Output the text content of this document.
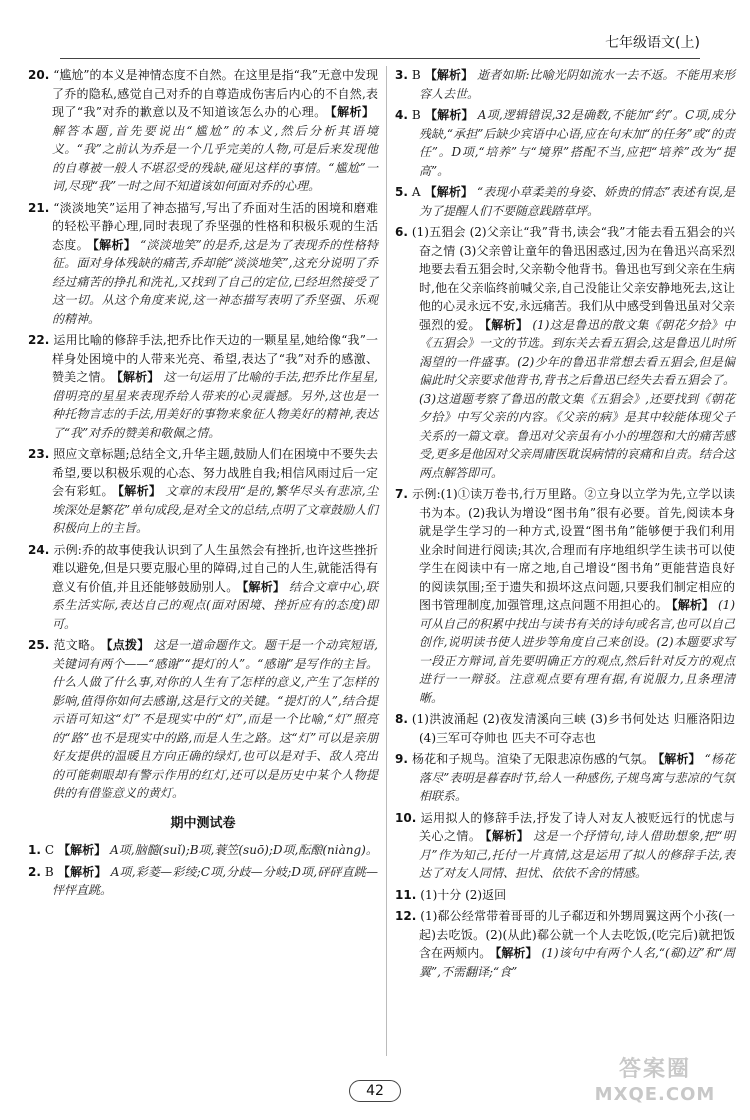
七年级语文(上)

20. “尴尬”的本义是神情态度不自然。在这里是指“我”无意中发现了乔的隐私,感觉自己对乔的自尊造成伤害后内心的不自然,表现了“我”对乔的歉意以及不知道该怎么办的心理。 【解析】解答本题,首先要说出“尴尬”的本义,然后分析其语境义。“我”之前认为乔是一个几乎完美的人物,可是后来发现他的自尊被一般人不堪忍受的残缺,碰见这样的事情。“尴尬”一词,尽现“我”一时之间不知道该如何面对乔的心理。

21. “淡淡地笑”运用了神态描写,写出了乔面对生活的困境和磨难的轻松平静心理,同时表现了乔坚强的性格和积极乐观的生活态度。 【解析】 “淡淡地笑”的是乔,这是为了表现乔的性格特征。面对身体残缺的痛苦,乔却能“淡淡地笑”,这充分说明了乔经过痛苦的挣扎和洗礼,又找到了自己的定位,已经坦然接受了这一切。从这个角度来说,这一神态描写表明了乔坚强、乐观的精神。

22. 运用比喻的修辞手法,把乔比作天边的一颗星星,她给像“我”一样身处困境中的人带来光亮、希望,表达了“我”对乔的感激、赞美之情。 【解析】 这一句运用了比喻的手法,把乔比作星星,借明亮的星星来表现乔给人带来的心灵震撼。另外,这也是一种托物言志的手法,用美好的事物来象征人物美好的精神,表达了“我”对乔的赞美和敬佩之情。

23. 照应文章标题;总结全文,升华主题,鼓励人们在困境中不要失去希望,要以积极乐观的心态、努力战胜自我;相信风雨过后一定会有彩虹。 【解析】 文章的末段用“是的,繁华尽头有悲凉,尘埃深处是繁花”单句成段,是对全文的总结,点明了文章鼓励人们积极向上的主旨。

24. 示例:乔的故事使我认识到了人生虽然会有挫折,也许这些挫折难以避免,但是只要克服心里的障碍,过自己的人生,就能活得有意义有价值,并且还能够鼓励别人。 【解析】 结合文章中心,联系生活实际,表达自己的观点(面对困境、挫折应有的态度)即可。

25. 范文略。 【点拨】 这是一道命题作文。题干是一个动宾短语,关键词有两个——“感谢”“提灯的人”。“感谢”是写作的主旨。什么人做了什么事,对你的人生有了怎样的意义,产生了怎样的影响,值得你如何去感谢,这是行文的关键。“提灯的人”,结合提示语可知这“灯”不是现实中的“灯”,而是一个比喻,“灯”照亮的“路”也不是现实中的路,而是人生之路。这“灯”可以是亲朋好友提供的温暖且方向正确的绿灯,也可以是对手、敌人亮出的可能刺眼却有警示作用的红灯,还可以是历史中某个人物提供的有借鉴意义的黄灯。

期中测试卷

1. C 【解析】 A项,脑髓(suǐ);B项,蓑笠(suō);D项,酝酿(niàng)。

2. B 【解析】 A项,彩菱—彩绫;C项,分歧—分岐;D项,砰砰直跳—怦怦直跳。

3. B 【解析】 逝者如斯:比喻光阴如流水一去不返。不能用来形容人去世。

4. B 【解析】 A项,逻辑错误,32是确数,不能加“约”。C项,成分残缺,“承担”后缺少宾语中心语,应在句末加“的任务”或“的责任”。D项,“培养”与“境界”搭配不当,应把“培养”改为“提高”。

5. A 【解析】 “表现小草柔美的身姿、娇贵的情态”表述有误,是为了提醒人们不要随意践踏草坪。

6. (1)五猖会 (2)父亲让“我”背书,读会“我”才能去看五猖会的兴奋之情 (3)父亲曾让童年的鲁迅困惑过,因为在鲁迅兴高采烈地要去看五猖会时,父亲勒令他背书。鲁迅也写到父亲在生病时,他在父亲临终前喊父亲,自己没能让父亲安静地死去,这让他的心灵永远不安,永远痛苦。我们从中感受到鲁迅虽对父亲强烈的爱。 【解析】 (1)这是鲁迅的散文集《朝花夕拾》中《五猖会》一文的节选。到东关去看五猖会,这是鲁迅儿时所渴望的一件盛事。(2)少年的鲁迅非常想去看五猖会,但是偏偏此时父亲要求他背书,背书之后鲁迅已经失去看五猖会了。(3)这道题考察了鲁迅的散文集《五猖会》,还要找到《朝花夕拾》中写父亲的内容。《父亲的病》是其中较能体现父子关系的一篇文章。鲁迅对父亲虽有小小的埋怨和大的痛苦感受,更多是他因对父亲周庸医耽误病情的哀痛和自责。结合这两点解答即可。

7. 示例:(1)①读万卷书,行万里路。②立身以立学为先,立学以读书为本。(2)我认为增设“图书角”很有必要。首先,阅读本身就是学生学习的一种方式,设置“图书角”能够便于我们利用业余时间进行阅读;其次,合理而有序地组织学生读书可以使学生在阅读中有一席之地,自己增设“图书角”更能营造良好的阅读氛围;至于遗失和损坏这点问题,只要我们制定相应的图书管理制度,加强管理,这点问题不用担心的。 【解析】 (1)可从自己的积累中找出与读书有关的诗句或名言,也可以自己创作,说明读书使人进步等角度自己来创设。(2)本题要求写一段正方辩词,首先要明确正方的观点,然后针对反方的观点进行一一辩驳。注意观点要有理有据,有说服力,且条理清晰。

8. (1)洪波涌起 (2)夜发清溪向三峡 (3)乡书何处达 归雁洛阳边 (4)三军可夺帅也 匹夫不可夺志也

9. 杨花和子规鸟。渲染了无限悲凉伤感的气氛。 【解析】 “杨花落尽”表明是暮春时节,给人一种感伤,子规鸟寓与悲凉的气氛相联系。

10. 运用拟人的修辞手法,抒发了诗人对友人被贬远行的忧虑与关心之情。 【解析】 这是一个抒情句,诗人借助想象,把“明月”作为知己,托付一片真情,这是运用了拟人的修辞手法,表达了对友人同情、担忧、依依不舍的情感。

11. (1)十分 (2)返回

12. (1)郗公经常带着哥哥的儿子郗迈和外甥周翼这两个小孩(一起)去吃饭。(2)(从此)郗公就一个人去吃饭,(吃完后)就把饭含在两颊内。 【解析】 (1)该句中有两个人名,“(郗)迈”和“周翼”,不需翻译;“食”

42
答案圈
MXQE.COM
